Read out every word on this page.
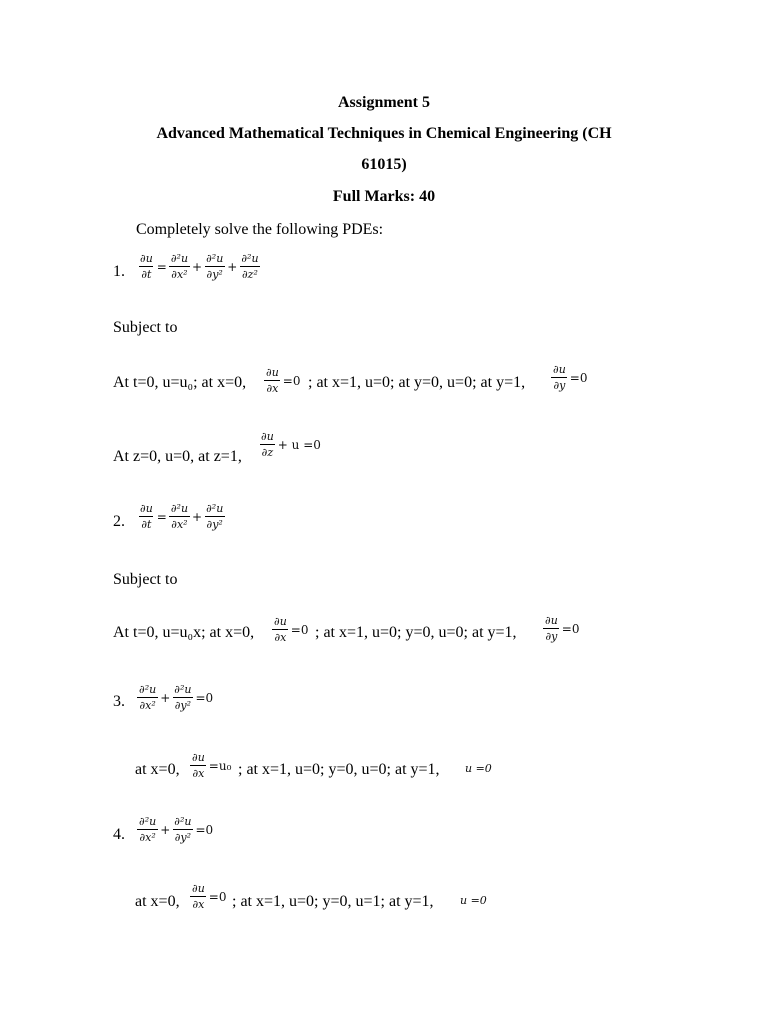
Assignment 5
Advanced Mathematical Techniques in Chemical Engineering (CH
61015)
Full Marks: 40
Completely solve the following PDEs:
1. $\frac{\partial u}{\partial t} = \frac{\text{∂²u}}{\text{∂x²}} + \frac{\text{∂²u}}{\text{∂y²}} + \frac{\text{∂²u}}{\text{∂z²}}$
Subject to
At t=0, u=u₀; at x=0, $\frac{\partial u}{\partial x} =0$ ; at x=1, u=0; at y=0, u=0; at y=1, $\frac{\partial u}{\partial y} =0$
At z=0, u=0, at z=1, $\frac{\partial u}{\partial z} + u =0$
2. $\frac{\partial u}{\partial t} = \frac{\text{∂²u}}{\text{∂x²}} + \frac{\text{∂²u}}{\text{∂y²}}$
Subject to
At t=0, u=u₀x; at x=0, $\frac{\partial u}{\partial x} =0$ ; at x=1, u=0; y=0, u=0; at y=1, $\frac{\partial u}{\partial y} =0$
3. $\frac{\text{∂²u}}{\text{∂x²}} + \frac{\text{∂²u}}{\text{∂y²}} =0$
at x=0, $\frac{\partial u}{\partial x} =u_0$ ; at x=1, u=0; y=0, u=0; at y=1, u =0
4. $\frac{\text{∂²u}}{\text{∂x²}} + \frac{\text{∂²u}}{\text{∂y²}} =0$
at x=0, $\frac{\partial u}{\partial x} =0$ ; at x=1, u=0; y=0, u=1; at y=1, u =0
